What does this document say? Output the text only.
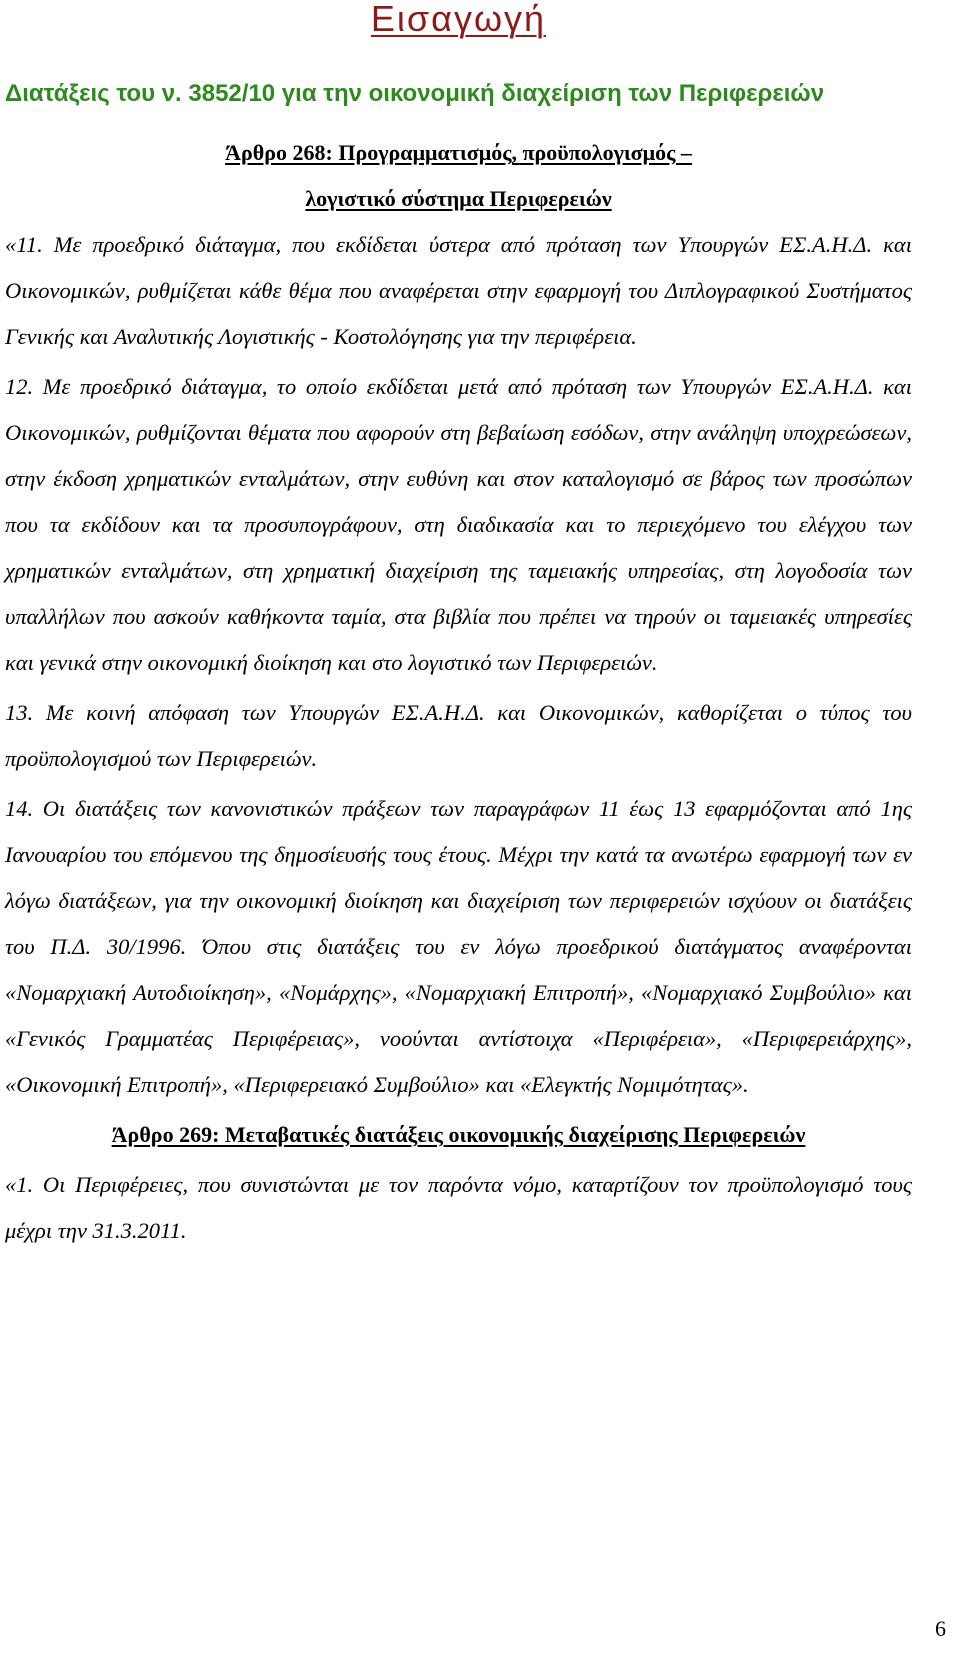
Εισαγωγή
Διατάξεις του ν. 3852/10 για την οικονομική διαχείριση των Περιφερειών
Άρθρο 268: Προγραμματισμός, προϋπολογισμός –
λογιστικό σύστημα Περιφερειών

«11. Με προεδρικό διάταγμα, που εκδίδεται ύστερα από πρόταση των Υπουργών ΕΣ.Α.Η.Δ. και Οικονομικών, ρυθμίζεται κάθε θέμα που αναφέρεται στην εφαρμογή του Διπλογραφικού Συστήματος Γενικής και Αναλυτικής Λογιστικής - Κοστολόγησης για την περιφέρεια.

12. Με προεδρικό διάταγμα, το οποίο εκδίδεται μετά από πρόταση των Υπουργών ΕΣ.Α.Η.Δ. και Οικονομικών, ρυθμίζονται θέματα που αφορούν στη βεβαίωση εσόδων, στην ανάληψη υποχρεώσεων, στην έκδοση χρηματικών ενταλμάτων, στην ευθύνη και στον καταλογισμό σε βάρος των προσώπων που τα εκδίδουν και τα προσυπογράφουν, στη διαδικασία και το περιεχόμενο του ελέγχου των χρηματικών ενταλμάτων, στη χρηματική διαχείριση της ταμειακής υπηρεσίας, στη λογοδοσία των υπαλλήλων που ασκούν καθήκοντα ταμία, στα βιβλία που πρέπει να τηρούν οι ταμειακές υπηρεσίες και γενικά στην οικονομική διοίκηση και στο λογιστικό των Περιφερειών.

13. Με κοινή απόφαση των Υπουργών ΕΣ.Α.Η.Δ. και Οικονομικών, καθορίζεται ο τύπος του προϋπολογισμού των Περιφερειών.

14. Οι διατάξεις των κανονιστικών πράξεων των παραγράφων 11 έως 13 εφαρμόζονται από 1ης Ιανουαρίου του επόμενου της δημοσίευσής τους έτους. Μέχρι την κατά τα ανωτέρω εφαρμογή των εν λόγω διατάξεων, για την οικονομική διοίκηση και διαχείριση των περιφερειών ισχύουν οι διατάξεις του Π.Δ. 30/1996. Όπου στις διατάξεις του εν λόγω προεδρικού διατάγματος αναφέρονται «Νομαρχιακή Αυτοδιοίκηση», «Νομάρχης», «Νομαρχιακή Επιτροπή», «Νομαρχιακό Συμβούλιο» και «Γενικός Γραμματέας Περιφέρειας», νοούνται αντίστοιχα «Περιφέρεια», «Περιφερειάρχης», «Οικονομική Επιτροπή», «Περιφερειακό Συμβούλιο» και «Ελεγκτής Νομιμότητας».

Άρθρο 269: Μεταβατικές διατάξεις οικονομικής διαχείρισης Περιφερειών

«1. Οι Περιφέρειες, που συνιστώνται με τον παρόντα νόμο, καταρτίζουν τον προϋπολογισμό τους μέχρι την 31.3.2011.

6
